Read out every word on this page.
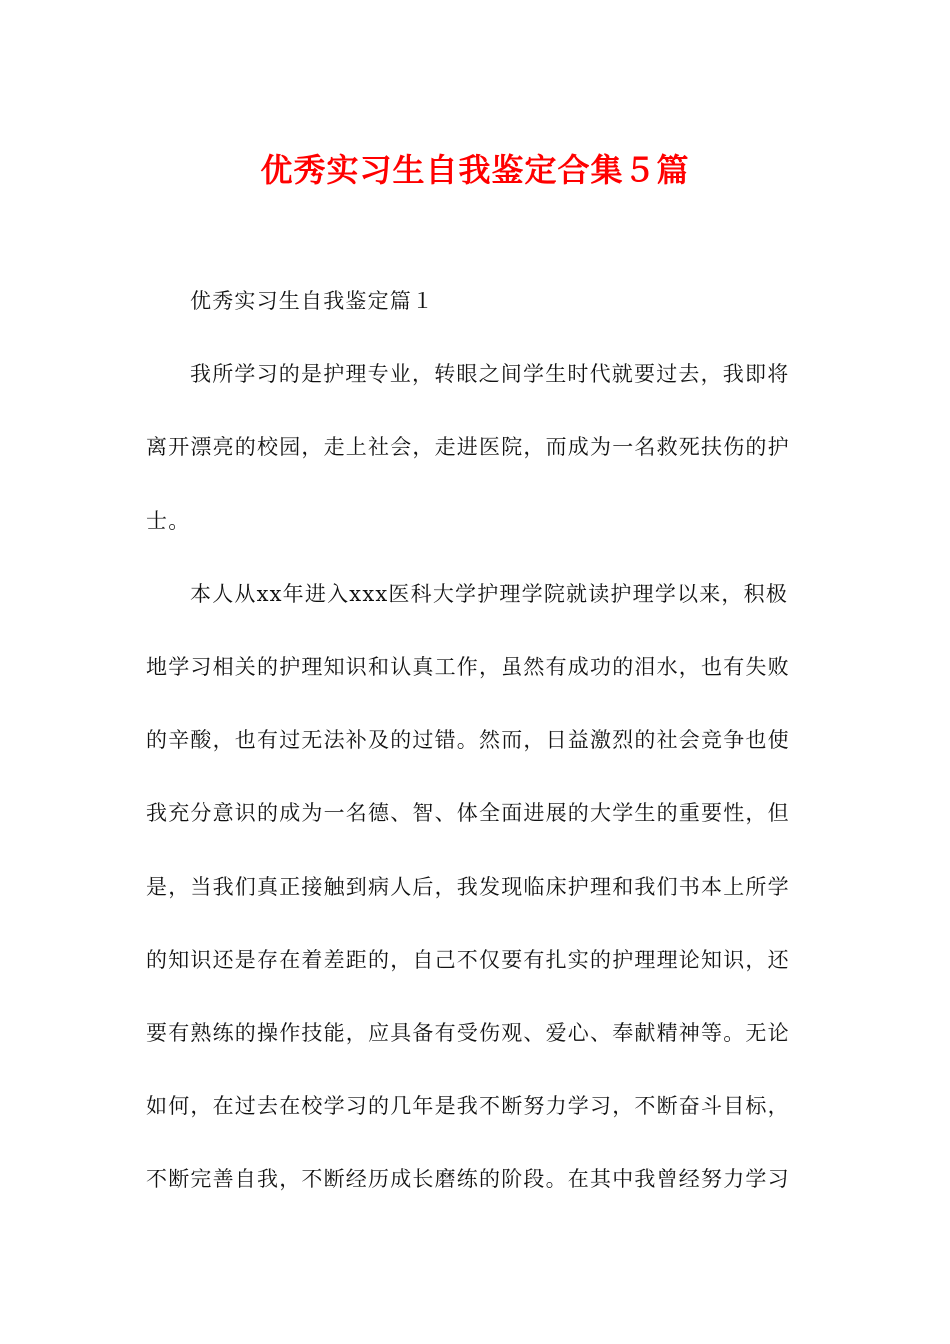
优秀实习生自我鉴定合集５篇
优秀实习生自我鉴定篇１
我所学习的是护理专业，转眼之间学生时代就要过去，我即将
离开漂亮的校园，走上社会，走进医院，而成为一名救死扶伤的护
士。
本人从xx年进入xxx医科大学护理学院就读护理学以来，积极
地学习相关的护理知识和认真工作，虽然有成功的泪水，也有失败
的辛酸，也有过无法补及的过错。然而，日益激烈的社会竞争也使
我充分意识的成为一名德、智、体全面进展的大学生的重要性，但
是，当我们真正接触到病人后，我发现临床护理和我们书本上所学
的知识还是存在着差距的，自己不仅要有扎实的护理理论知识，还
要有熟练的操作技能，应具备有受伤观、爱心、奉献精神等。无论
如何，在过去在校学习的几年是我不断努力学习，不断奋斗目标，
不断完善自我，不断经历成长磨练的阶段。在其中我曾经努力学习
